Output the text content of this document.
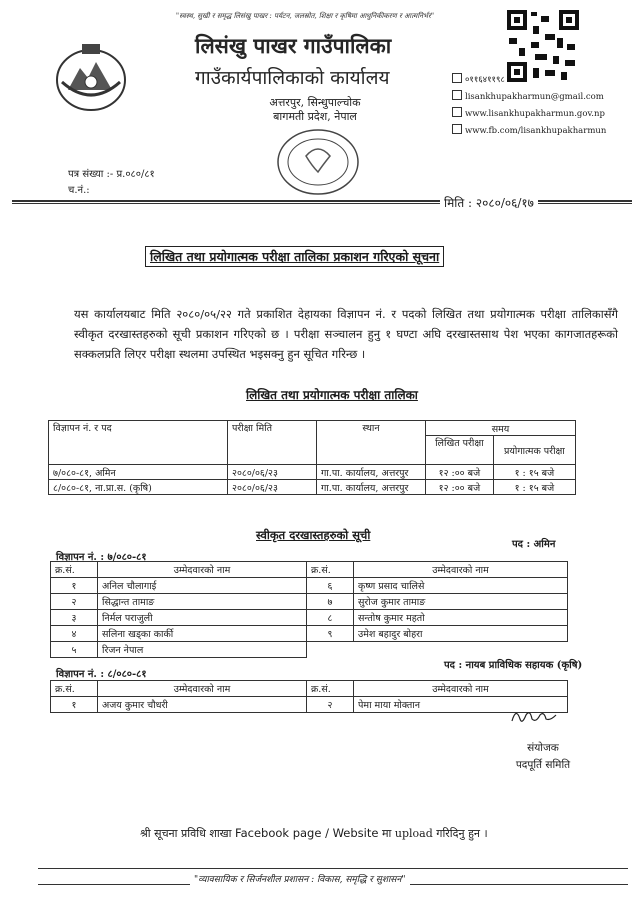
"स्वस्थ, सुखी र समृद्ध लिसंखु पाखर : पर्यटन, जलस्रोत, शिक्षा र कृषिमा आधुनिकीकरण र आत्मनिर्भर"
लिसंखु पाखर गाउँपालिका
गाउँकार्यपालिकाको कार्यालय
अत्तरपुर, सिन्धुपाल्चोक
बागमती प्रदेश, नेपाल
०११६४११९८
lisankhupakharmun@gmail.com
www.lisankhupakharmun.gov.np
www.fb.com/lisankhupakharmun
पत्र संख्या :- प्र.०८०/८१
च.नं.:
मिति : २०८०/०६/१७
लिखित तथा प्रयोगात्मक परीक्षा तालिका प्रकाशन गरिएको सूचना
यस कार्यालयबाट मिति २०८०/०५/२२ गते प्रकाशित देहायका विज्ञापन नं. र पदको लिखित तथा प्रयोगात्मक परीक्षा तालिकासँगै स्वीकृत दरखास्तहरुको सूची प्रकाशन गरिएको छ । परीक्षा सञ्चालन हुनु १ घण्टा अघि दरखास्तसाथ पेश भएका कागजातहरूको सक्कलप्रति लिएर परीक्षा स्थलमा उपस्थित भइसक्नु हुन सूचित गरिन्छ ।
लिखित तथा प्रयोगात्मक परीक्षा तालिका
विज्ञापन नं. र पद	परीक्षा मिति	स्थान	समय	
			लिखित परीक्षा	प्रयोगात्मक परीक्षा

७/०८०-८१, अमिन	२०८०/०६/२३	गा.पा. कार्यालय, अत्तरपुर	१२ :०० बजे	१ : १५ बजे
८/०८०-८१, ना.प्रा.स. (कृषि)	२०८०/०६/२३	गा.पा. कार्यालय, अत्तरपुर	१२ :०० बजे	१ : १५ बजे
स्वीकृत दरखास्तहरुको सूची
पद : अमिन
विज्ञापन नं. : ७/०८०-८१
क्र.सं.	उम्मेदवारको नाम	क्र.सं.	उम्मेदवारको नाम
१	अनिल चौलागाई	६	कृष्ण प्रसाद चालिसे
२	सिद्धान्त तामाङ	७	सुरोज कुमार तामाङ
३	निर्मल पराजुली	८	सन्तोष कुमार महतो
४	सलिना खड्का कार्की	९	उमेश बहादुर बोहरा
५	रिजन नेपाल		
पद : नायब प्राविधिक सहायक (कृषि)
विज्ञापन नं. : ८/०८०-८१
क्र.सं.	उम्मेदवारको नाम	क्र.सं.	उम्मेदवारको नाम
१	अजय कुमार चौधरी	२	पेमा माया मोक्तान
संयोजक
पदपूर्ति समिति
श्री सूचना प्रविधि शाखा Facebook page / Website मा upload गरिदिनु हुन ।
"व्यावसायिक र सिर्जनशील प्रशासन : विकास, समृद्धि र सुशासन"
